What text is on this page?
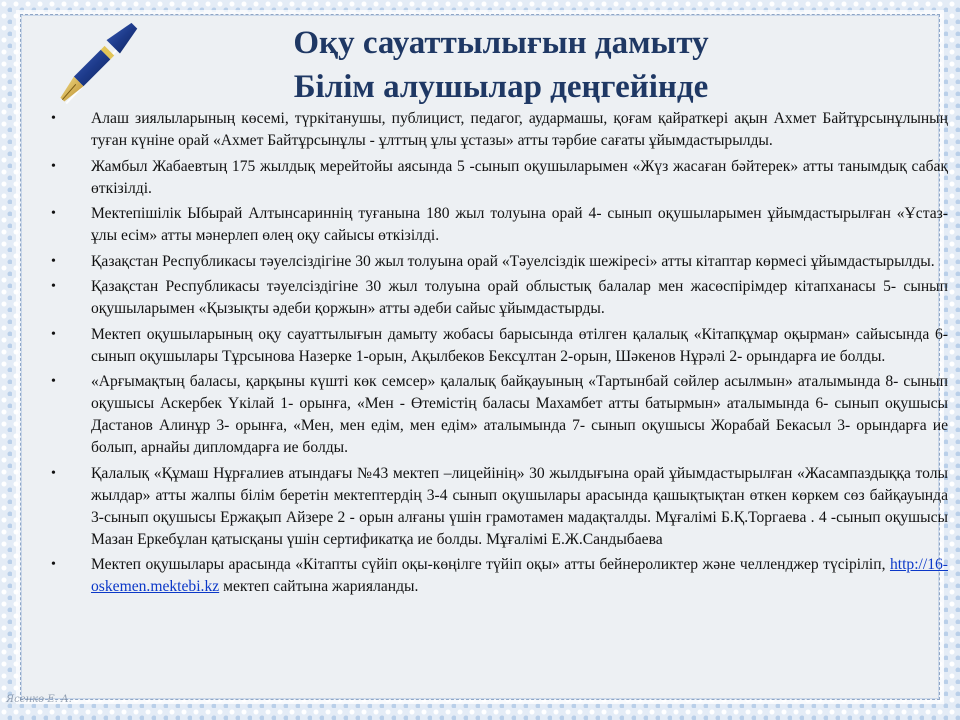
Оқу сауаттылығын дамыту
Білім алушылар деңгейінде
• Алаш зиялыларының көсемі, түркітанушы, публицист, педагог, аудармашы, қоғам қайраткері ақын Ахмет Байтұрсынұлының туған күніне орай «Ахмет Байтұрсынұлы - ұлттың ұлы ұстазы» атты тәрбие сағаты ұйымдастырылды.
• Жамбыл Жабаевтың 175 жылдық мерейтойы аясында 5 -сынып оқушыларымен «Жүз жасаған бәйтерек» атты танымдық сабақ өткізілді.
• Мектепішілік Ыбырай Алтынсариннің туғанына 180 жыл толуына орай 4- сынып оқушыларымен ұйымдастырылған «Ұстаз-ұлы есім» атты мәнерлеп өлең оқу сайысы өткізілді.
• Қазақстан Республикасы тәуелсіздігіне 30 жыл толуына орай «Тәуелсіздік шежіресі» атты кітаптар көрмесі ұйымдастырылды.
• Қазақстан Республикасы тәуелсіздігіне 30 жыл толуына орай облыстық балалар мен жасөспірімдер кітапханасы 5- сынып оқушыларымен «Қызықты әдеби қоржын» атты әдеби сайыс ұйымдастырды.
• Мектеп оқушыларының оқу сауаттылығын дамыту жобасы барысында өтілген қалалық «Кітапқұмар оқырман» сайысында 6- сынып оқушылары Тұрсынова Назерке 1-орын, Ақылбеков Бексұлтан 2-орын, Шәкенов Нұрәлі 2- орындарға ие болды.
• «Арғымақтың баласы, қарқыны күшті көк семсер» қалалық байқауының «Тартынбай сөйлер асылмын» аталымында 8- сынып оқушысы Аскербек Үкілай 1- орынға, «Мен - Өтемістің баласы Махамбет атты батырмын» аталымында 6- сынып оқушысы Дастанов Алинұр 3- орынға, «Мен, мен едім, мен едім» аталымында 7- сынып оқушысы Жорабай Бекасыл 3- орындарға ие болып, арнайы дипломдарға ие болды.
• Қалалық «Құмаш Нұрғалиев атындағы №43 мектеп –лицейінің» 30 жылдығына орай ұйымдастырылған «Жасампаздыққа толы жылдар» атты жалпы білім беретін мектептердің 3-4 сынып оқушылары арасында қашықтықтан өткен көркем сөз байқауында 3-сынып оқушысы Ержақып Айзере 2 - орын алғаны үшін грамотамен мадақталды. Мұғалімі Б.Қ.Торгаева . 4 -сынып оқушысы Мазан Еркебұлан қатысқаны үшін сертификатқа ие болды. Мұғалімі Е.Ж.Сандыбаева
• Мектеп оқушылары арасында «Кітапты сүйіп оқы-көңілге түйіп оқы» атты бейнероликтер және челленджер түсіріліп, http://16-oskemen.mektebi.kz мектеп сайтына жарияланды.
Ясенко Е. А.
